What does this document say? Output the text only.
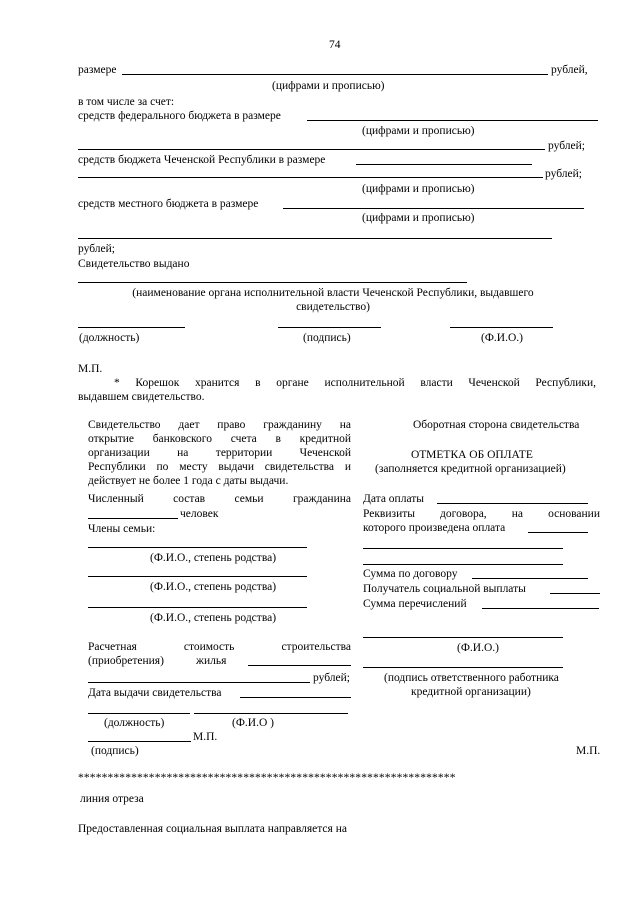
74
размере	рублей,
(цифрами и прописью)
в том числе за счет:
средств федерального бюджета в размере
(цифрами и прописью)
рублей;
средств бюджета Чеченской Республики в размере
рублей;
(цифрами и прописью)
средств местного бюджета в размере
(цифрами и прописью)
рублей;
Свидетельство выдано
(наименование органа исполнительной власти Чеченской Республики, выдавшего
свидетельство)
(должность)	(подпись)	(Ф.И.О.)
М.П.
* Корешок хранится в органе исполнительной власти Чеченской Республики,
выдавшем свидетельство.
Свидетельство дает право гражданину на
открытие банковского счета в кредитной
организации на территории Чеченской
Республики по месту выдачи свидетельства и
действует не более 1 года с даты выдачи.
Численный состав семьи гражданина
человек
Члены семьи:
(Ф.И.О., степень родства)
(Ф.И.О., степень родства)
(Ф.И.О., степень родства)
Расчетная стоимость строительства
(приобретения)	жилья
рублей;
Дата выдачи свидетельства
(должность)	(Ф.И.О )
М.П.
(подпись)
Оборотная сторона свидетельства
ОТМЕТКА ОБ ОПЛАТЕ
(заполняется кредитной организацией)
Дата оплаты
Реквизиты договора, на основании
которого произведена оплата
Сумма по договору
Получатель социальной выплаты
Сумма перечислений
(Ф.И.О.)
(подпись ответственного работника
кредитной организации)
М.П.
****************************************************************
линия отреза
Предоставленная социальная выплата направляется на
